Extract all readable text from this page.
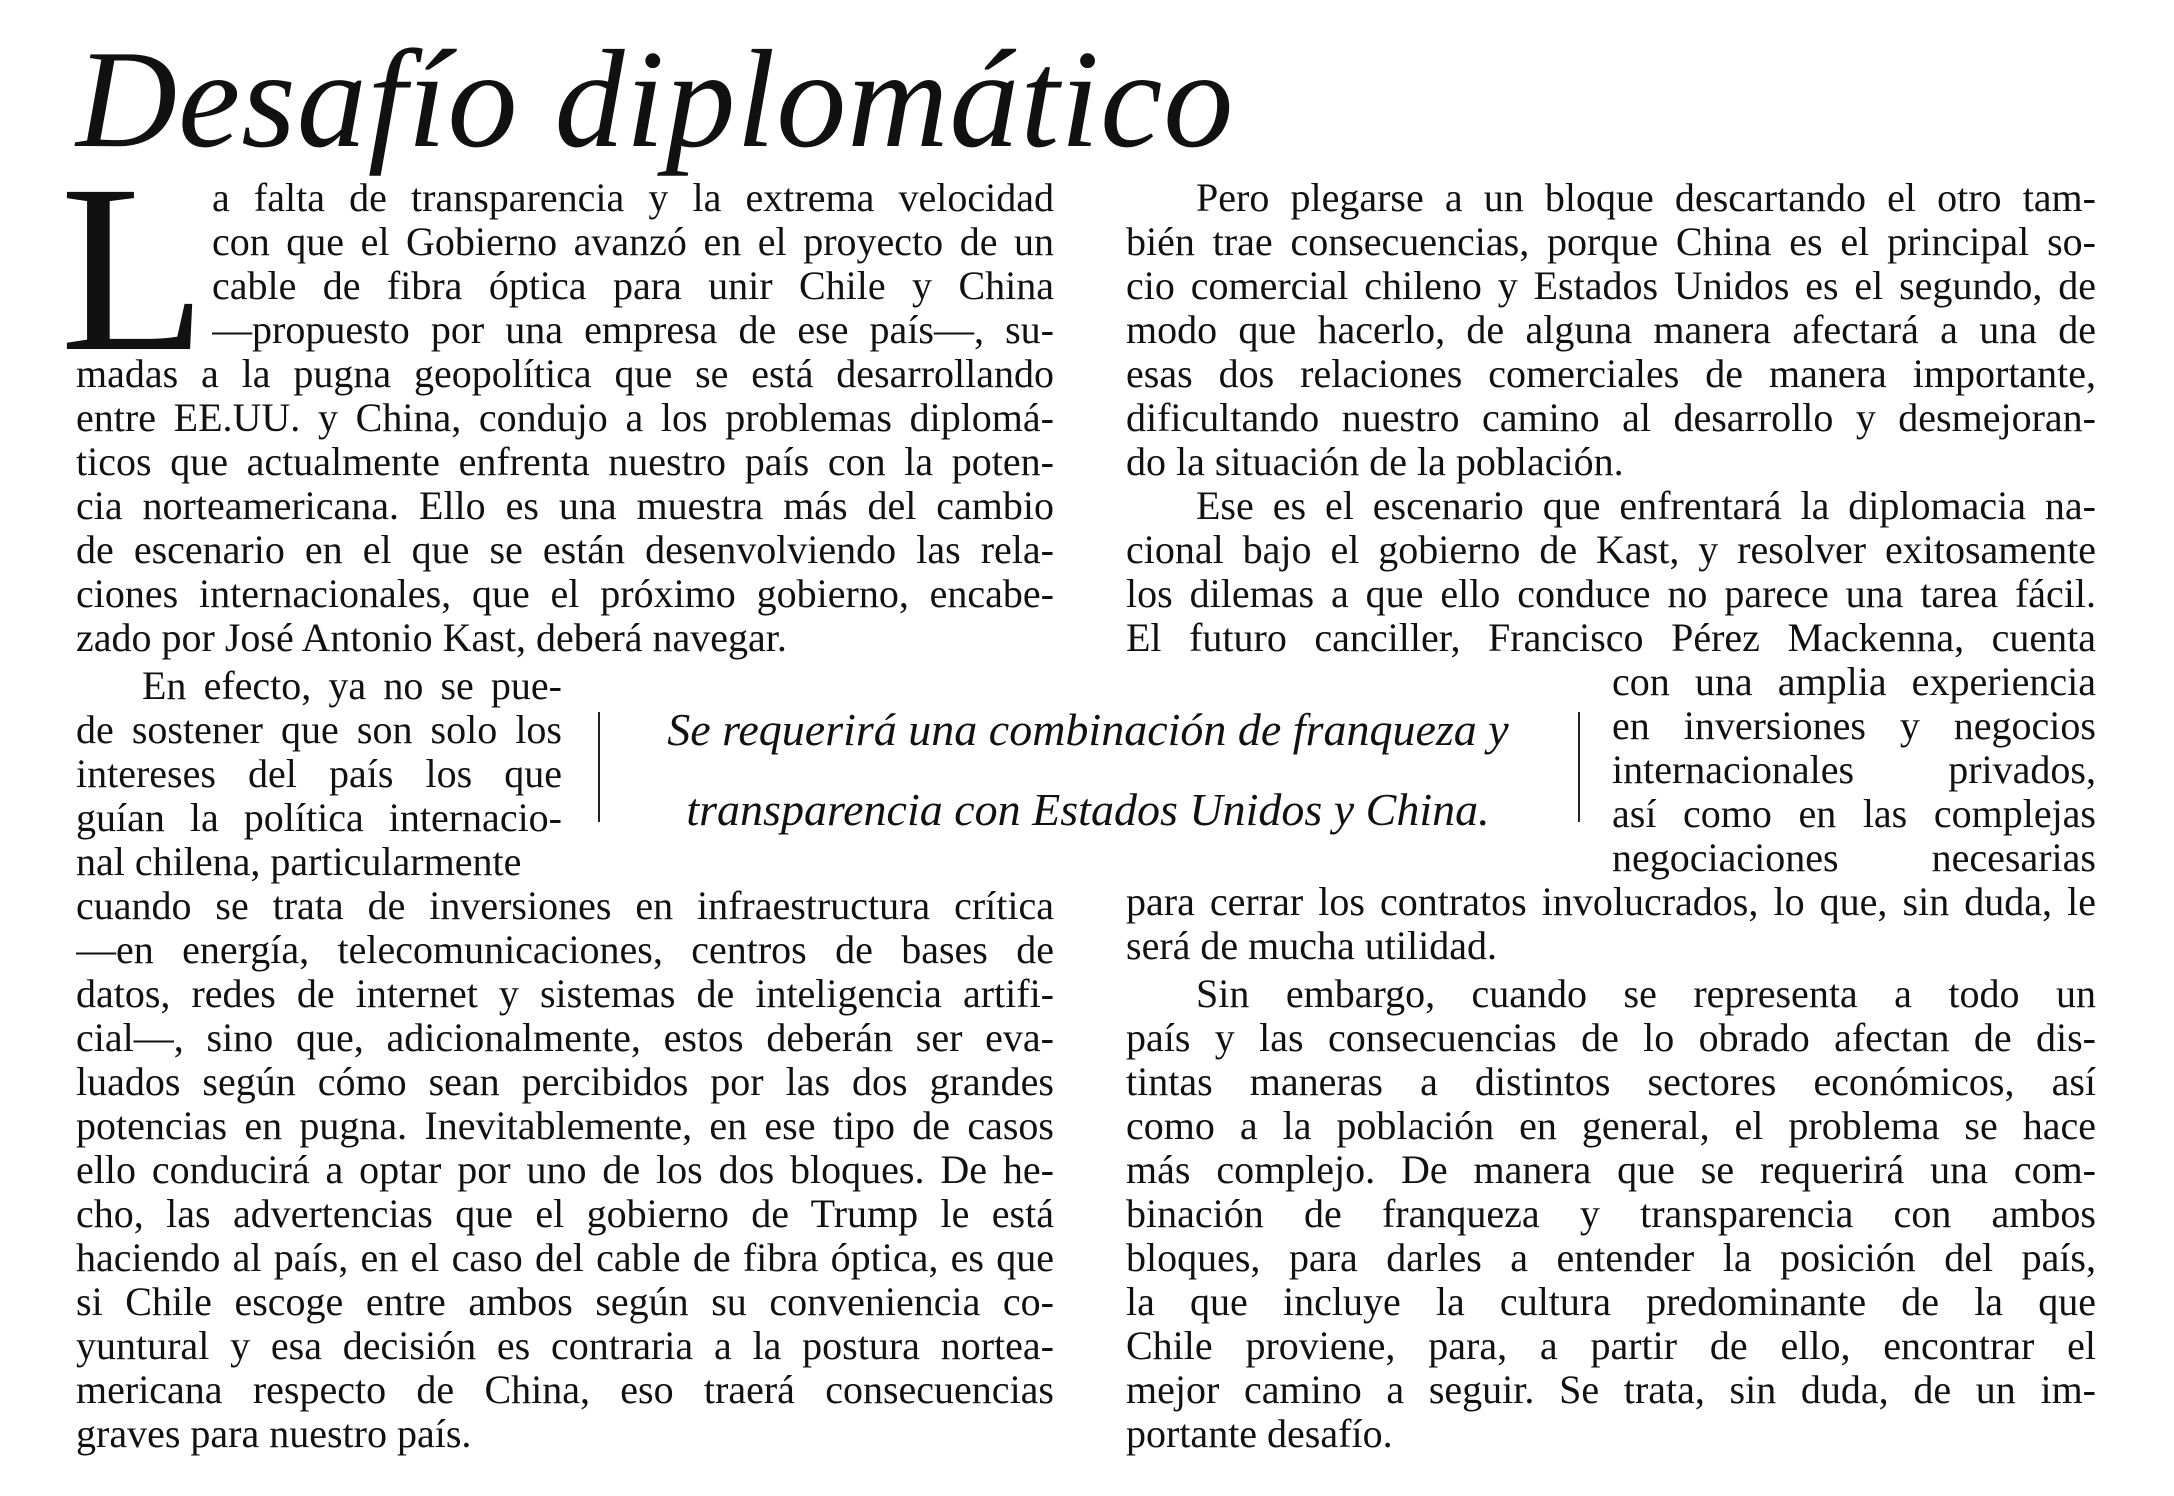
Desafío diplomático
L a falta de transparencia y la extrema velocidad
con que el Gobierno avanzó en el proyecto de un
cable de fibra óptica para unir Chile y China
—propuesto por una empresa de ese país—, su-
madas a la pugna geopolítica que se está desarrollando
entre EE.UU. y China, condujo a los problemas diplomá-
ticos que actualmente enfrenta nuestro país con la poten-
cia norteamericana. Ello es una muestra más del cambio
de escenario en el que se están desenvolviendo las rela-
ciones internacionales, que el próximo gobierno, encabe-
zado por José Antonio Kast, deberá navegar.
En efecto, ya no se pue-
de sostener que son solo los
intereses del país los que
guían la política internacio-
nal chilena, particularmente
cuando se trata de inversiones en infraestructura crítica
—en energía, telecomunicaciones, centros de bases de
datos, redes de internet y sistemas de inteligencia artifi-
cial—, sino que, adicionalmente, estos deberán ser eva-
luados según cómo sean percibidos por las dos grandes
potencias en pugna. Inevitablemente, en ese tipo de casos
ello conducirá a optar por uno de los dos bloques. De he-
cho, las advertencias que el gobierno de Trump le está
haciendo al país, en el caso del cable de fibra óptica, es que
si Chile escoge entre ambos según su conveniencia co-
yuntural y esa decisión es contraria a la postura nortea-
mericana respecto de China, eso traerá consecuencias
graves para nuestro país.
Pero plegarse a un bloque descartando el otro tam-
bién trae consecuencias, porque China es el principal so-
cio comercial chileno y Estados Unidos es el segundo, de
modo que hacerlo, de alguna manera afectará a una de
esas dos relaciones comerciales de manera importante,
dificultando nuestro camino al desarrollo y desmejoran-
do la situación de la población.
Ese es el escenario que enfrentará la diplomacia na-
cional bajo el gobierno de Kast, y resolver exitosamente
los dilemas a que ello conduce no parece una tarea fácil.
El futuro canciller, Francisco Pérez Mackenna, cuenta
con una amplia experiencia
en inversiones y negocios
internacionales privados,
así como en las complejas
negociaciones necesarias
para cerrar los contratos involucrados, lo que, sin duda, le
será de mucha utilidad.
Sin embargo, cuando se representa a todo un
país y las consecuencias de lo obrado afectan de dis-
tintas maneras a distintos sectores económicos, así
como a la población en general, el problema se hace
más complejo. De manera que se requerirá una com-
binación de franqueza y transparencia con ambos
bloques, para darles a entender la posición del país,
la que incluye la cultura predominante de la que
Chile proviene, para, a partir de ello, encontrar el
mejor camino a seguir. Se trata, sin duda, de un im-
portante desafío.
Se requerirá una combinación de franqueza y
transparencia con Estados Unidos y China.
